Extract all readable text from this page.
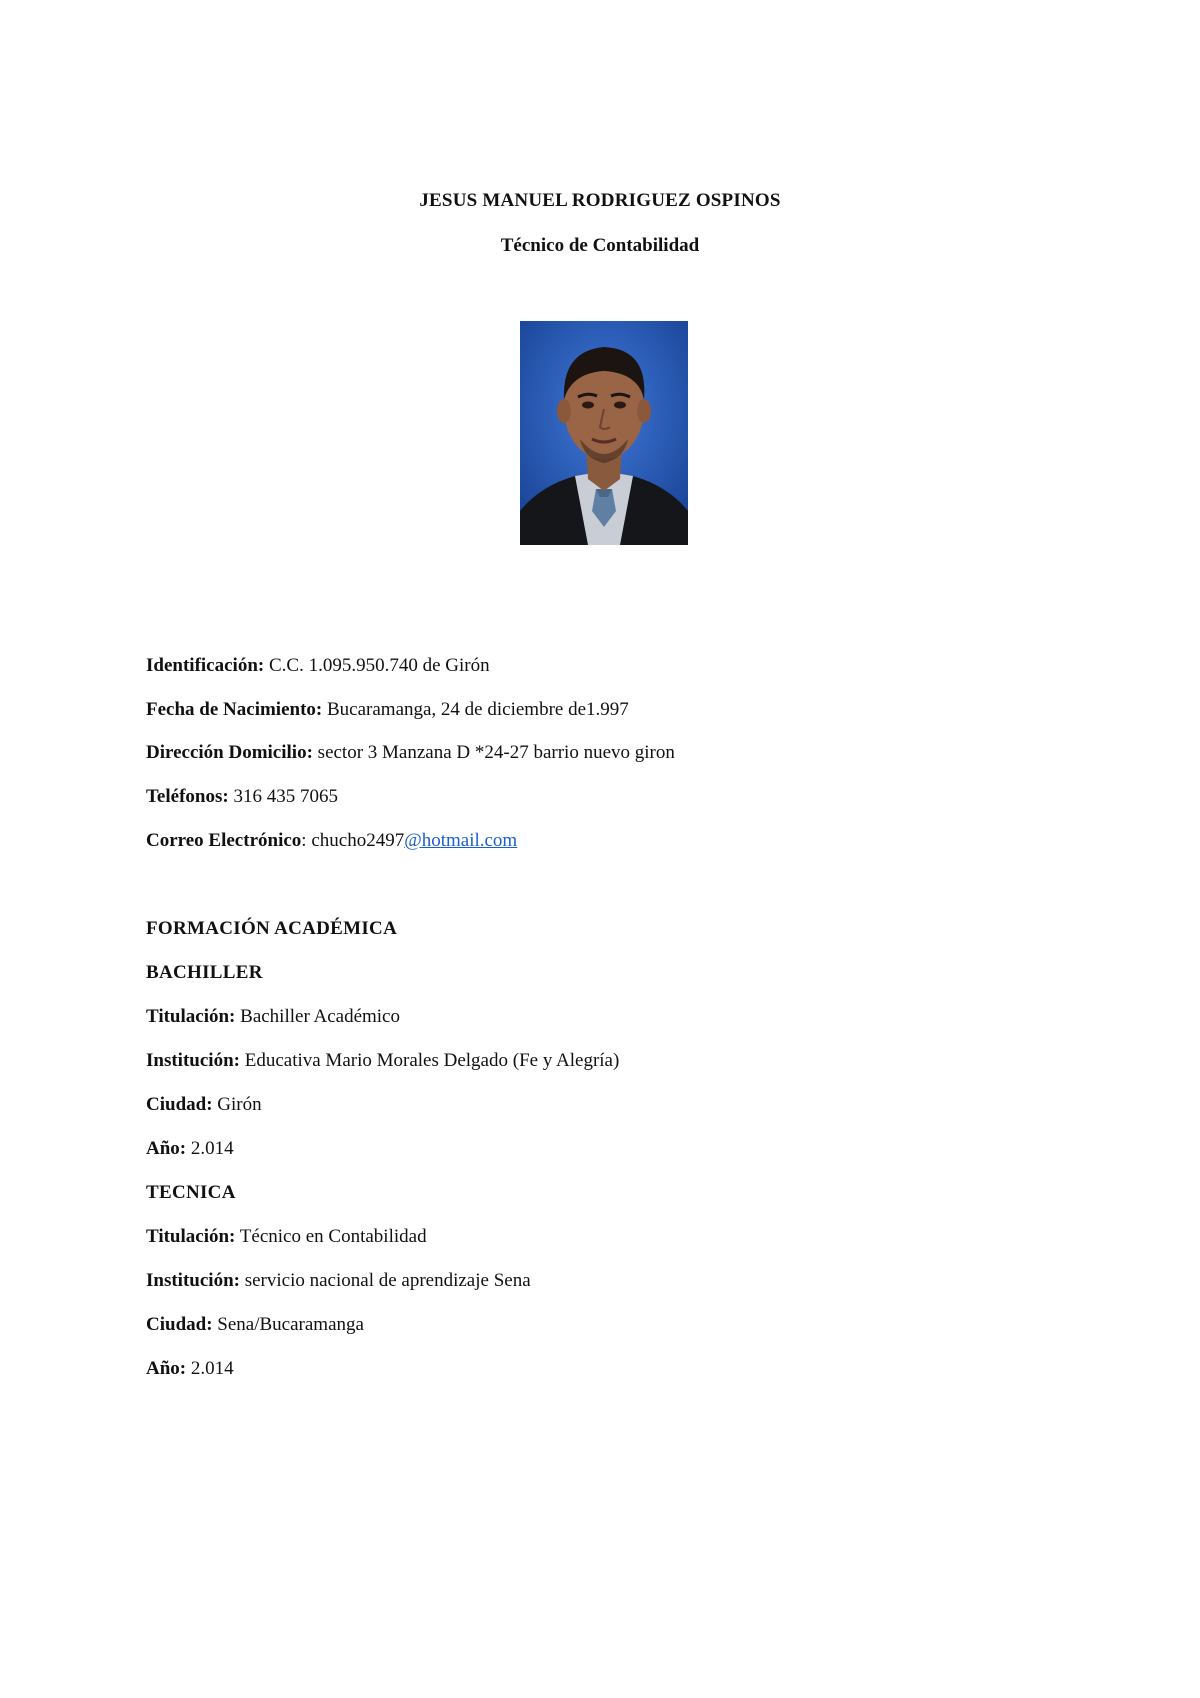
JESUS MANUEL RODRIGUEZ OSPINOS
Técnico de Contabilidad
Identificación: C.C. 1.095.950.740 de Girón
Fecha de Nacimiento: Bucaramanga, 24 de diciembre de1.997
Dirección Domicilio: sector 3 Manzana D *24-27 barrio nuevo giron
Teléfonos: 316 435 7065
Correo Electrónico: chucho2497@hotmail.com
FORMACIÓN ACADÉMICA
BACHILLER
Titulación: Bachiller Académico
Institución: Educativa Mario Morales Delgado (Fe y Alegría)
Ciudad: Girón
Año: 2.014
TECNICA
Titulación: Técnico en Contabilidad
Institución: servicio nacional de aprendizaje Sena
Ciudad: Sena/Bucaramanga
Año: 2.014
